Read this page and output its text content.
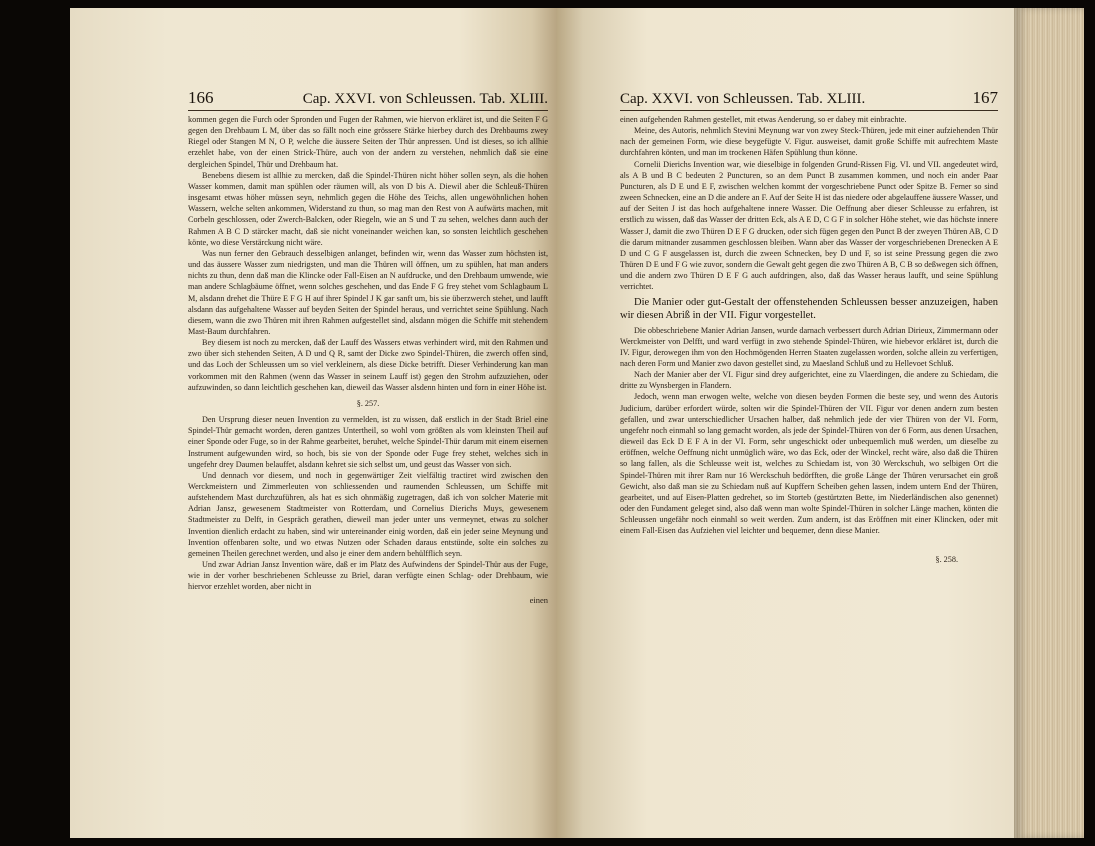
166	Cap. XXVI. von Schleussen. Tab. XLIII.

kommen gegen die Furch oder Spronden und Fugen der Rahmen, wie hiervon erkläret ist, und die Seiten F G gegen den Drehbaum L M, über das so fällt noch eine grössere Stärke hierbey durch des Drehbaums zwey Riegel oder Stangen M N, O P, welche die äussere Seiten der Thür anpressen. Und ist dieses, so ich allhie erzehlet habe, von der einen Strick-Thüre, auch von der andern zu verstehen, nehmlich daß sie eine dergleichen Spindel, Thür und Drehbaum hat.

Benebens diesem ist allhie zu mercken, daß die Spindel-Thüren nicht höher sollen seyn, als die hohen Wasser kommen, damit man spühlen oder räumen will, als von D bis A. Diewil aber die Schleuß-Thüren insgesamt etwas höher müssen seyn, nehmlich gegen die Höhe des Teichs, allen ungewöhnlichen hohen Wassern, welche selten ankommen, Widerstand zu thun, so mag man den Rest von A aufwärts machen, mit Corbeln geschlossen, oder Zwerch-Balcken, oder Riegeln, wie an S und T zu sehen, welches dann auch der Rahmen A B C D stärcker macht, daß sie nicht voneinander weichen kan, so sonsten leichtlich geschehen könte, wo diese Verstärckung nicht wäre.

Was nun ferner den Gebrauch desselbigen anlanget, befinden wir, wenn das Wasser zum höchsten ist, und das äussere Wasser zum niedrigsten, und man die Thüren will öffnen, um zu spühlen, hat man anders nichts zu thun, denn daß man die Klincke oder Fall-Eisen an N aufdrucke, und den Drehbaum umwende, wie man andere Schlagbäume öffnet, wenn solches geschehen, und das Ende F G frey stehet vom Schlagbaum L M, alsdann drehet die Thüre E F G H auf ihrer Spindel J K gar sanft um, bis sie überzwerch stehet, und laufft alsdann das aufgehaltene Wasser auf beyden Seiten der Spindel heraus, und verrichtet seine Spühlung. Nach diesem, wann die zwo Thüren mit ihren Rahmen aufgestellet sind, alsdann mögen die Schiffe mit stehendem Mast-Baum durchfahren.

Bey diesem ist noch zu mercken, daß der Lauff des Wassers etwas verhindert wird, mit den Rahmen und zwo über sich stehenden Seiten, A D und Q R, samt der Dicke zwo Spindel-Thüren, die zwerch offen sind, und das Loch der Schleussen um so viel verkleinern, als diese Dicke betrifft. Dieser Verhinderung kan man vorkommen mit den Rahmen (wenn das Wasser in seinem Lauff ist) gegen den Strohm aufzuziehen, oder aufzuwinden, so dann leichtlich geschehen kan, dieweil das Wasser alsdenn hinten und forn in einer Höhe ist.

§. 257.

Den Ursprung dieser neuen Invention zu vermelden, ist zu wissen, daß erstlich in der Stadt Briel eine Spindel-Thür gemacht worden, deren gantzes Untertheil, so wohl vom größten als vom kleinsten Theil auf einer Sponde oder Fuge, so in der Rahme gearbeitet, beruhet, welche Spindel-Thür darum mit einem eisernen Instrument aufgewunden wird, so hoch, bis sie von der Sponde oder Fuge frey stehet, welches sich in ungefehr drey Daumen belauffet, alsdann kehret sie sich selbst um, und geust das Wasser von sich.

Und dennach vor diesem, und noch in gegenwärtiger Zeit vielfältig tractiret wird zwischen den Werckmeistern und Zimmerleuten von schliessenden und raumenden Schleussen, um Schiffe mit aufstehendem Mast durchzuführen, als hat es sich ohnmäßig zugetragen, daß ich von solcher Materie mit Adrian Jansz, gewesenem Stadtmeister von Rotterdam, und Cornelius Dierichs Muys, gewesenem Stadtmeister zu Delft, in Gespräch gerathen, dieweil man jeder unter uns vermeynet, etwas zu solcher Invention dienlich erdacht zu haben, sind wir untereinander einig worden, daß ein jeder seine Meynung und Invention offenbaren solte, und wo etwas Nutzen oder Schaden daraus entstünde, solte ein solches zu gemeinen Theilen gerechnet werden, und also je einer dem andern behülfflich seyn.

Und zwar Adrian Jansz Invention wäre, daß er im Platz des Aufwindens der Spindel-Thür aus der Fuge, wie in der vorher beschriebenen Schleusse zu Briel, daran verfügte einen Schlag- oder Drehbaum, wie hiervor erzehlet worden, aber nicht in

einen
Cap. XXVI. von Schleussen. Tab. XLIII.	167

einen aufgehenden Rahmen gestellet, mit etwas Aenderung, so er dabey mit einbrachte.

Meine, des Autoris, nehmlich Stevini Meynung war von zwey Steck-Thüren, jede mit einer aufziehenden Thür nach der gemeinen Form, wie diese beygefügte V. Figur. ausweiset, damit große Schiffe mit aufrechtem Maste durchfahren könten, und man im trockenen Häfen Spühlung thun könne.

Cornelii Dierichs Invention war, wie dieselbige in folgenden Grund-Rissen Fig. VI. und VII. angedeutet wird, als A B und B C bedeuten 2 Puncturen, so an dem Punct B zusammen kommen, und noch ein ander Paar Puncturen, als D E und E F, zwischen welchen kommt der vorgeschriebene Punct oder Spitze B. Ferner so sind zween Schnecken, eine an D die andere an F. Auf der Seite H ist das niedere oder abgelauffene äussere Wasser, und auf der Seiten J ist das hoch aufgehaltene innere Wasser. Die Oeffnung aber dieser Schleusse zu erfahren, ist erstlich zu wissen, daß das Wasser der dritten Eck, als A E D, C G F in solcher Höhe stehet, wie das höchste innere Wasser J, damit die zwo Thüren D E F G drucken, oder sich fügen gegen den Punct B der zweyen Thüren AB, C D die darum mitnander zusammen geschlossen bleiben. Wann aber das Wasser der vorgeschriebenen Drenecken A E D und C G F ausgelassen ist, durch die zween Schnecken, bey D und F, so ist seine Pressung gegen die zwo Thüren D E und F G wie zuvor, sondern die Gewalt geht gegen die zwo Thüren A B, C B so deßwegen sich öffnen, und die andern zwo Thüren D E F G auch aufdringen, also, daß das Wasser heraus laufft, und seine Spühlung verrichtet.

Die Manier oder gut-Gestalt der offenstehenden Schleussen besser anzuzeigen, haben wir diesen Abriß in der VII. Figur vorgestellet.

Die obbeschriebene Manier Adrian Jansen, wurde darnach verbessert durch Adrian Dirieux, Zimmermann oder Werckmeister von Delfft, und ward verfügt in zwo stehende Spindel-Thüren, wie hiebevor erkläret ist, durch die IV. Figur, derowegen ihm von den Hochmögenden Herren Staaten zugelassen worden, solche allein zu verfertigen, nach deren Form und Manier zwo davon gestellet sind, zu Maesland Schluß und zu Hellevoet Schluß.

Nach der Manier aber der VI. Figur sind drey aufgerichtet, eine zu Vlaerdingen, die andere zu Schiedam, die dritte zu Wynsbergen in Flandern.

Jedoch, wenn man erwogen welte, welche von diesen beyden Formen die beste sey, und wenn des Autoris Judicium, darüber erfordert würde, solten wir die Spindel-Thüren der VII. Figur vor denen andern zum besten gefallen, und zwar unterschiedlicher Ursachen halber, daß nehmlich jede der vier Thüren von der VI. Form, ungefehr noch einmahl so lang gemacht worden, als jede der Spindel-Thüren von der 6 Form, aus denen Ursachen, dieweil das Eck D E F A in der VI. Form, sehr ungeschickt oder unbequemlich muß werden, um dieselbe zu eröffnen, welche Oeffnung nicht unmüglich wäre, wo das Eck, oder der Winckel, recht wäre, also daß die Thüren so lang fallen, als die Schleusse weit ist, welches zu Schiedam ist, von 30 Werckschuh, wo selbigen Ort die Spindel-Thüren mit ihrer Ram nur 16 Werckschuh bedörfften, die große Länge der Thüren verursachet ein groß Gewicht, also daß man sie zu Schiedam nuß auf Kupffern Scheiben gehen lassen, indem untern End der Thüren, gearbeitet, und auf Eisen-Platten gedrehet, so im Storteb (gestürtzten Bette, im Niederländischen also genennet) oder den Fundament geleget sind, also daß wenn man wolte Spindel-Thüren in solcher Länge machen, könten die Schleussen ungefähr noch einmahl so weit werden. Zum andern, ist das Eröffnen mit einer Klincken, oder mit einem Fall-Eisen das Aufziehen viel leichter und bequemer, denn diese Manier.

§. 258.
